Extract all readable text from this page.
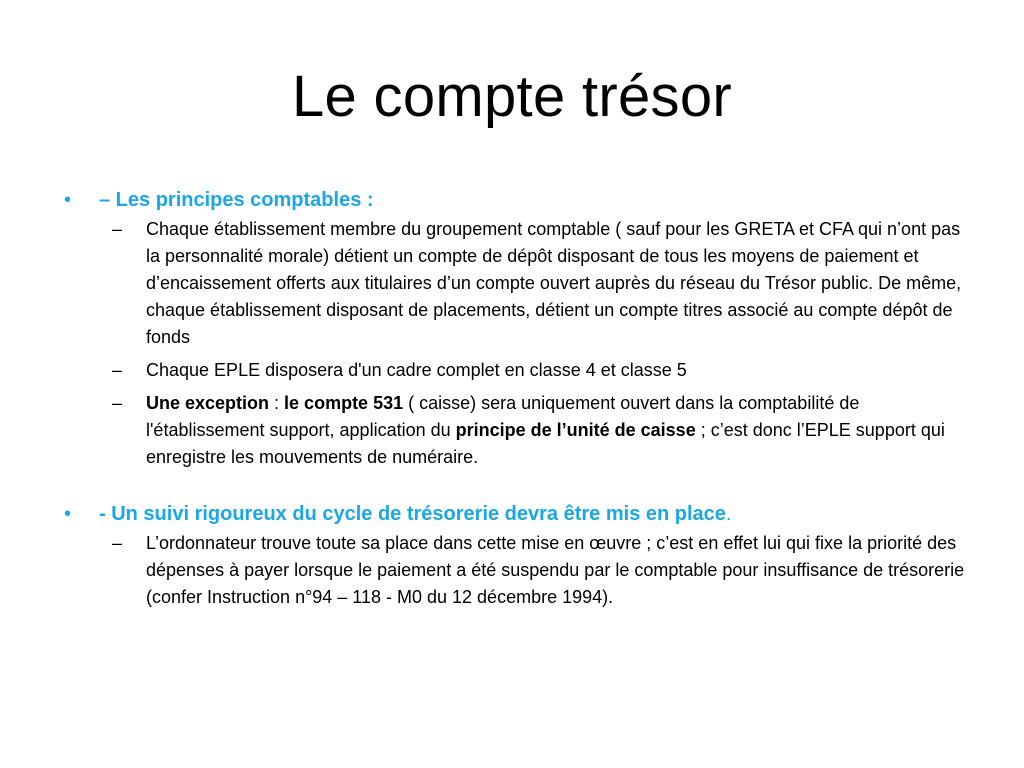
Le compte trésor
•	– Les principes comptables :
– Chaque établissement membre du groupement comptable ( sauf pour les GRETA et CFA qui n’ont pas la personnalité morale) détient un compte de dépôt disposant de tous les moyens de paiement et d’encaissement offerts aux titulaires d’un compte ouvert auprès du réseau du Trésor public. De même, chaque établissement disposant de placements, détient un compte titres associé au compte dépôt de fonds
– Chaque EPLE disposera d'un cadre complet en classe 4 et classe 5
– Une exception : le compte 531 ( caisse) sera uniquement ouvert dans la comptabilité de l'établissement support, application du principe de l’unité de caisse ; c’est donc l’EPLE support qui enregistre les mouvements de numéraire.
•	- Un suivi rigoureux du cycle de trésorerie devra être mis en place.
– L’ordonnateur trouve toute sa place dans cette mise en œuvre ; c’est en effet lui qui fixe la priorité des dépenses à payer lorsque le paiement a été suspendu par le comptable pour insuffisance de trésorerie (confer Instruction n°94 – 118 - M0 du 12 décembre 1994).
